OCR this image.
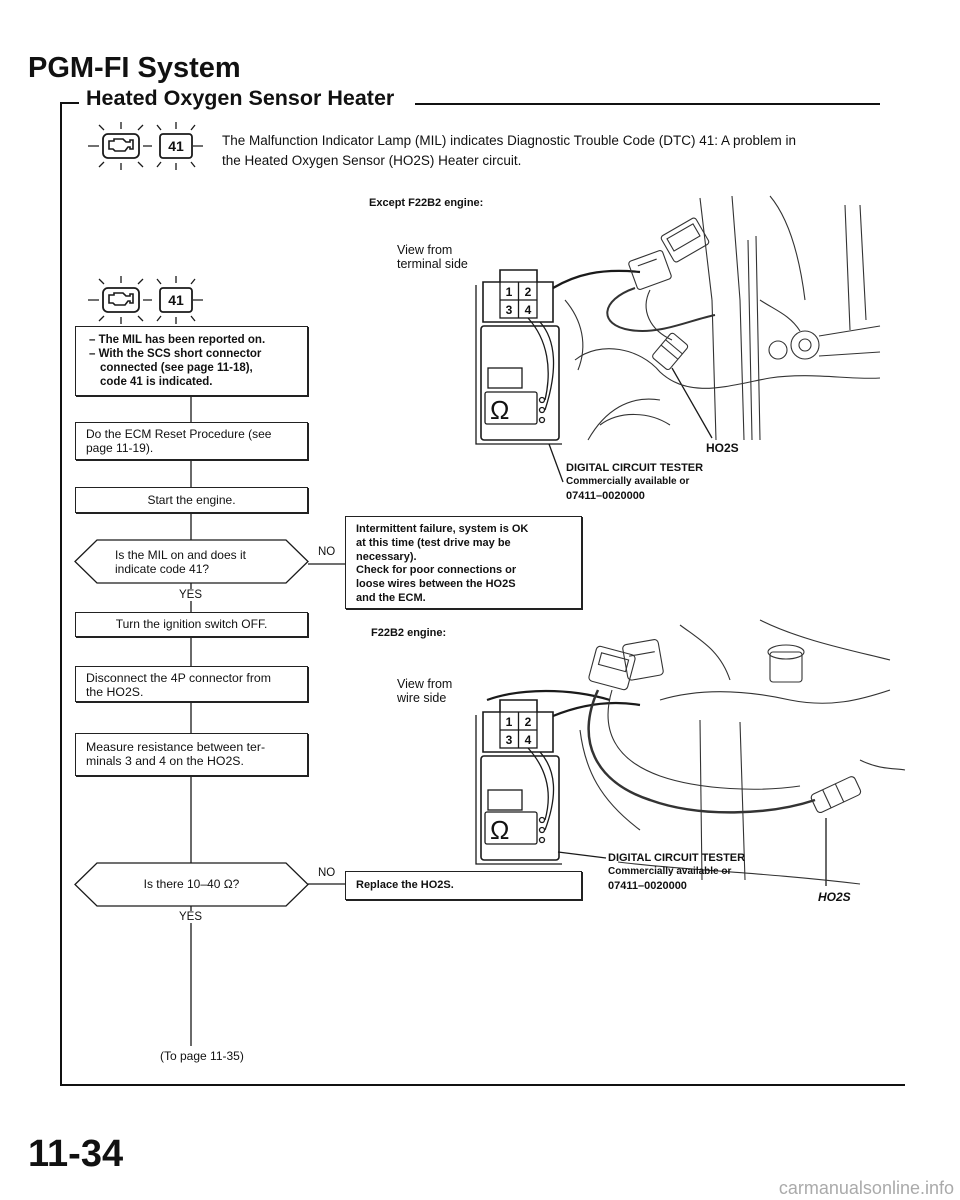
41
41	1 2
3 4
Ω
1 2
3 4
Ω
PGM-FI System
Heated Oxygen Sensor Heater
The Malfunction Indicator Lamp (MIL) indicates Diagnostic Trouble Code (DTC) 41: A problem in
the Heated Oxygen Sensor (HO2S) Heater circuit.
– The MIL has been reported on.
– With the SCS short connector
connected (see page 11-18),
code 41 is indicated.
Do the ECM Reset Procedure (see
page 11-19).
Start the engine.
Is the MIL on and does it
indicate code 41?
NO
Intermittent failure, system is OK
at this time (test drive may be
necessary).
Check for poor connections or
loose wires between the HO2S
and the ECM.
YES
Turn the ignition switch OFF.
Disconnect the 4P connector from
the HO2S.
Measure resistance between ter-
minals 3 and 4 on the HO2S.
Is there 10–40 Ω?
NO
Replace the HO2S.
YES
(To page 11-35)
Except F22B2 engine:
View from
terminal side
HO2S
DIGITAL CIRCUIT TESTER
Commercially available or
07411–0020000
F22B2 engine:
View from
wire side
DIGITAL CIRCUIT TESTER
Commercially available or
07411–0020000
HO2S
11-34
carmanualsonline.info
